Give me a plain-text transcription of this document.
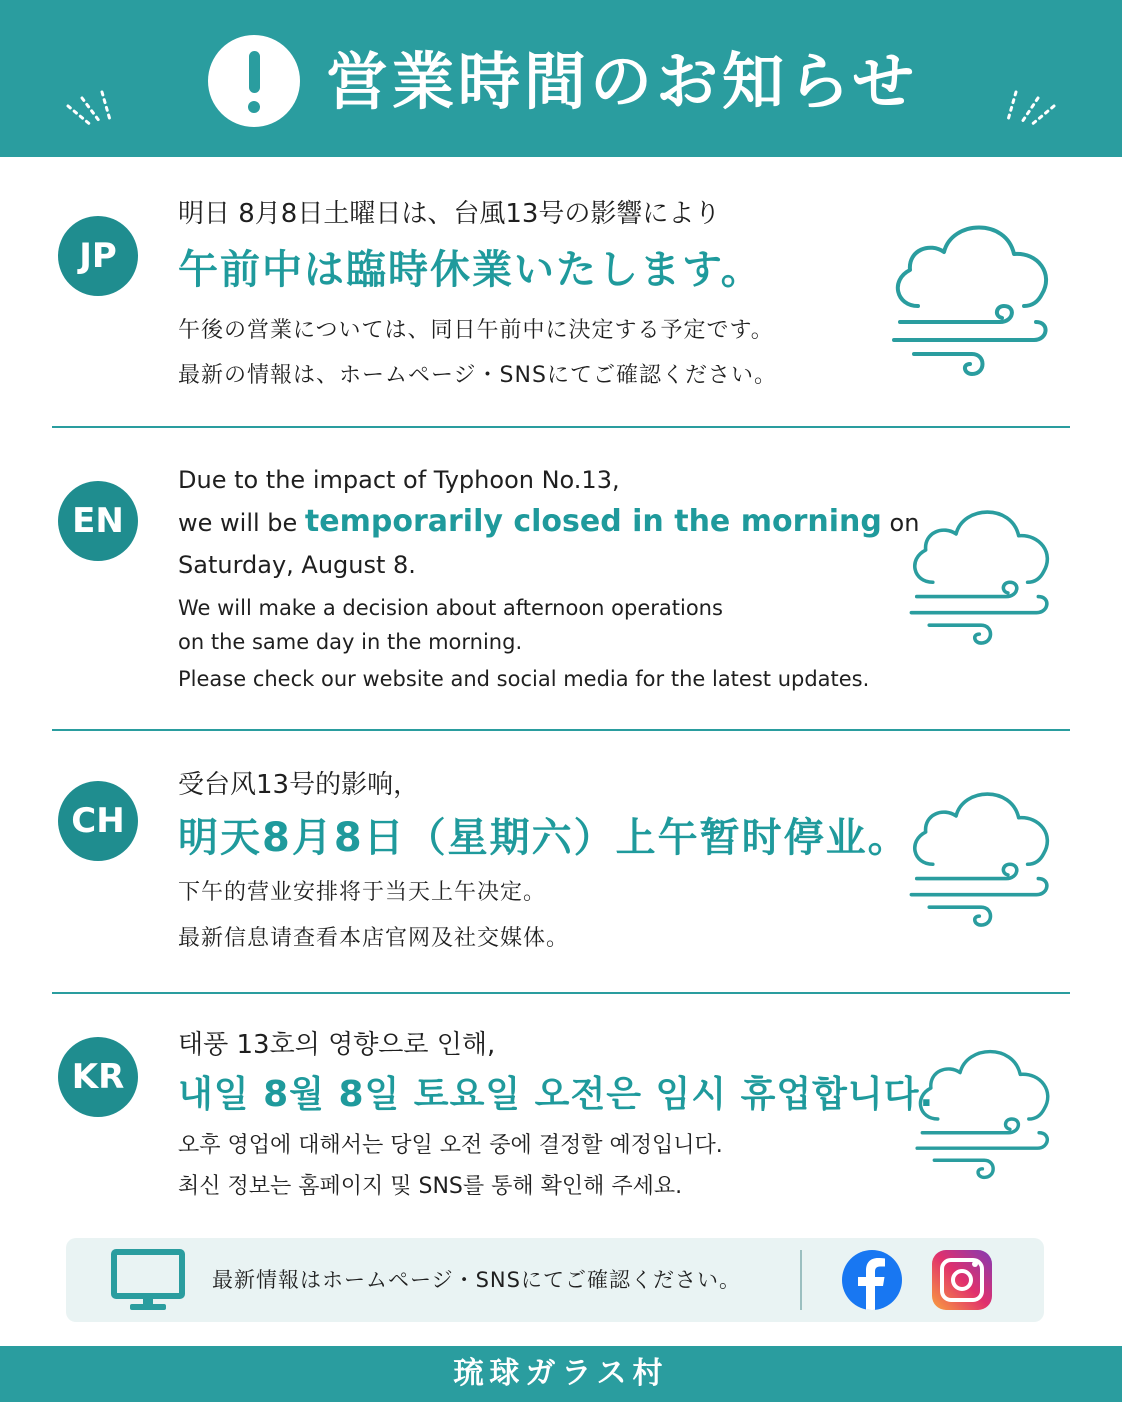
営業時間のお知らせ
JP
明日 8月8日土曜日は、台風13号の影響により
午前中は臨時休業いたします。
午後の営業については、同日午前中に決定する予定です。
最新の情報は、ホームページ・SNSにてご確認ください。
EN
Due to the impact of Typhoon No.13,
we will be temporarily closed in the morning on
Saturday, August 8.
We will make a decision about afternoon operations
on the same day in the morning.
Please check our website and social media for the latest updates.
CH
受台风13号的影响，
明天8月8日（星期六）上午暂时停业。
下午的营业安排将于当天上午决定。
最新信息请查看本店官网及社交媒体。
KR
태풍 13호의 영향으로 인해,
내일 8월 8일 토요일 오전은 임시 휴업합니다.
오후 영업에 대해서는 당일 오전 중에 결정할 예정입니다.
최신 정보는 홈페이지 및 SNS를 통해 확인해 주세요.
最新情報はホームページ・SNSにてご確認ください。
琉球ガラス村
